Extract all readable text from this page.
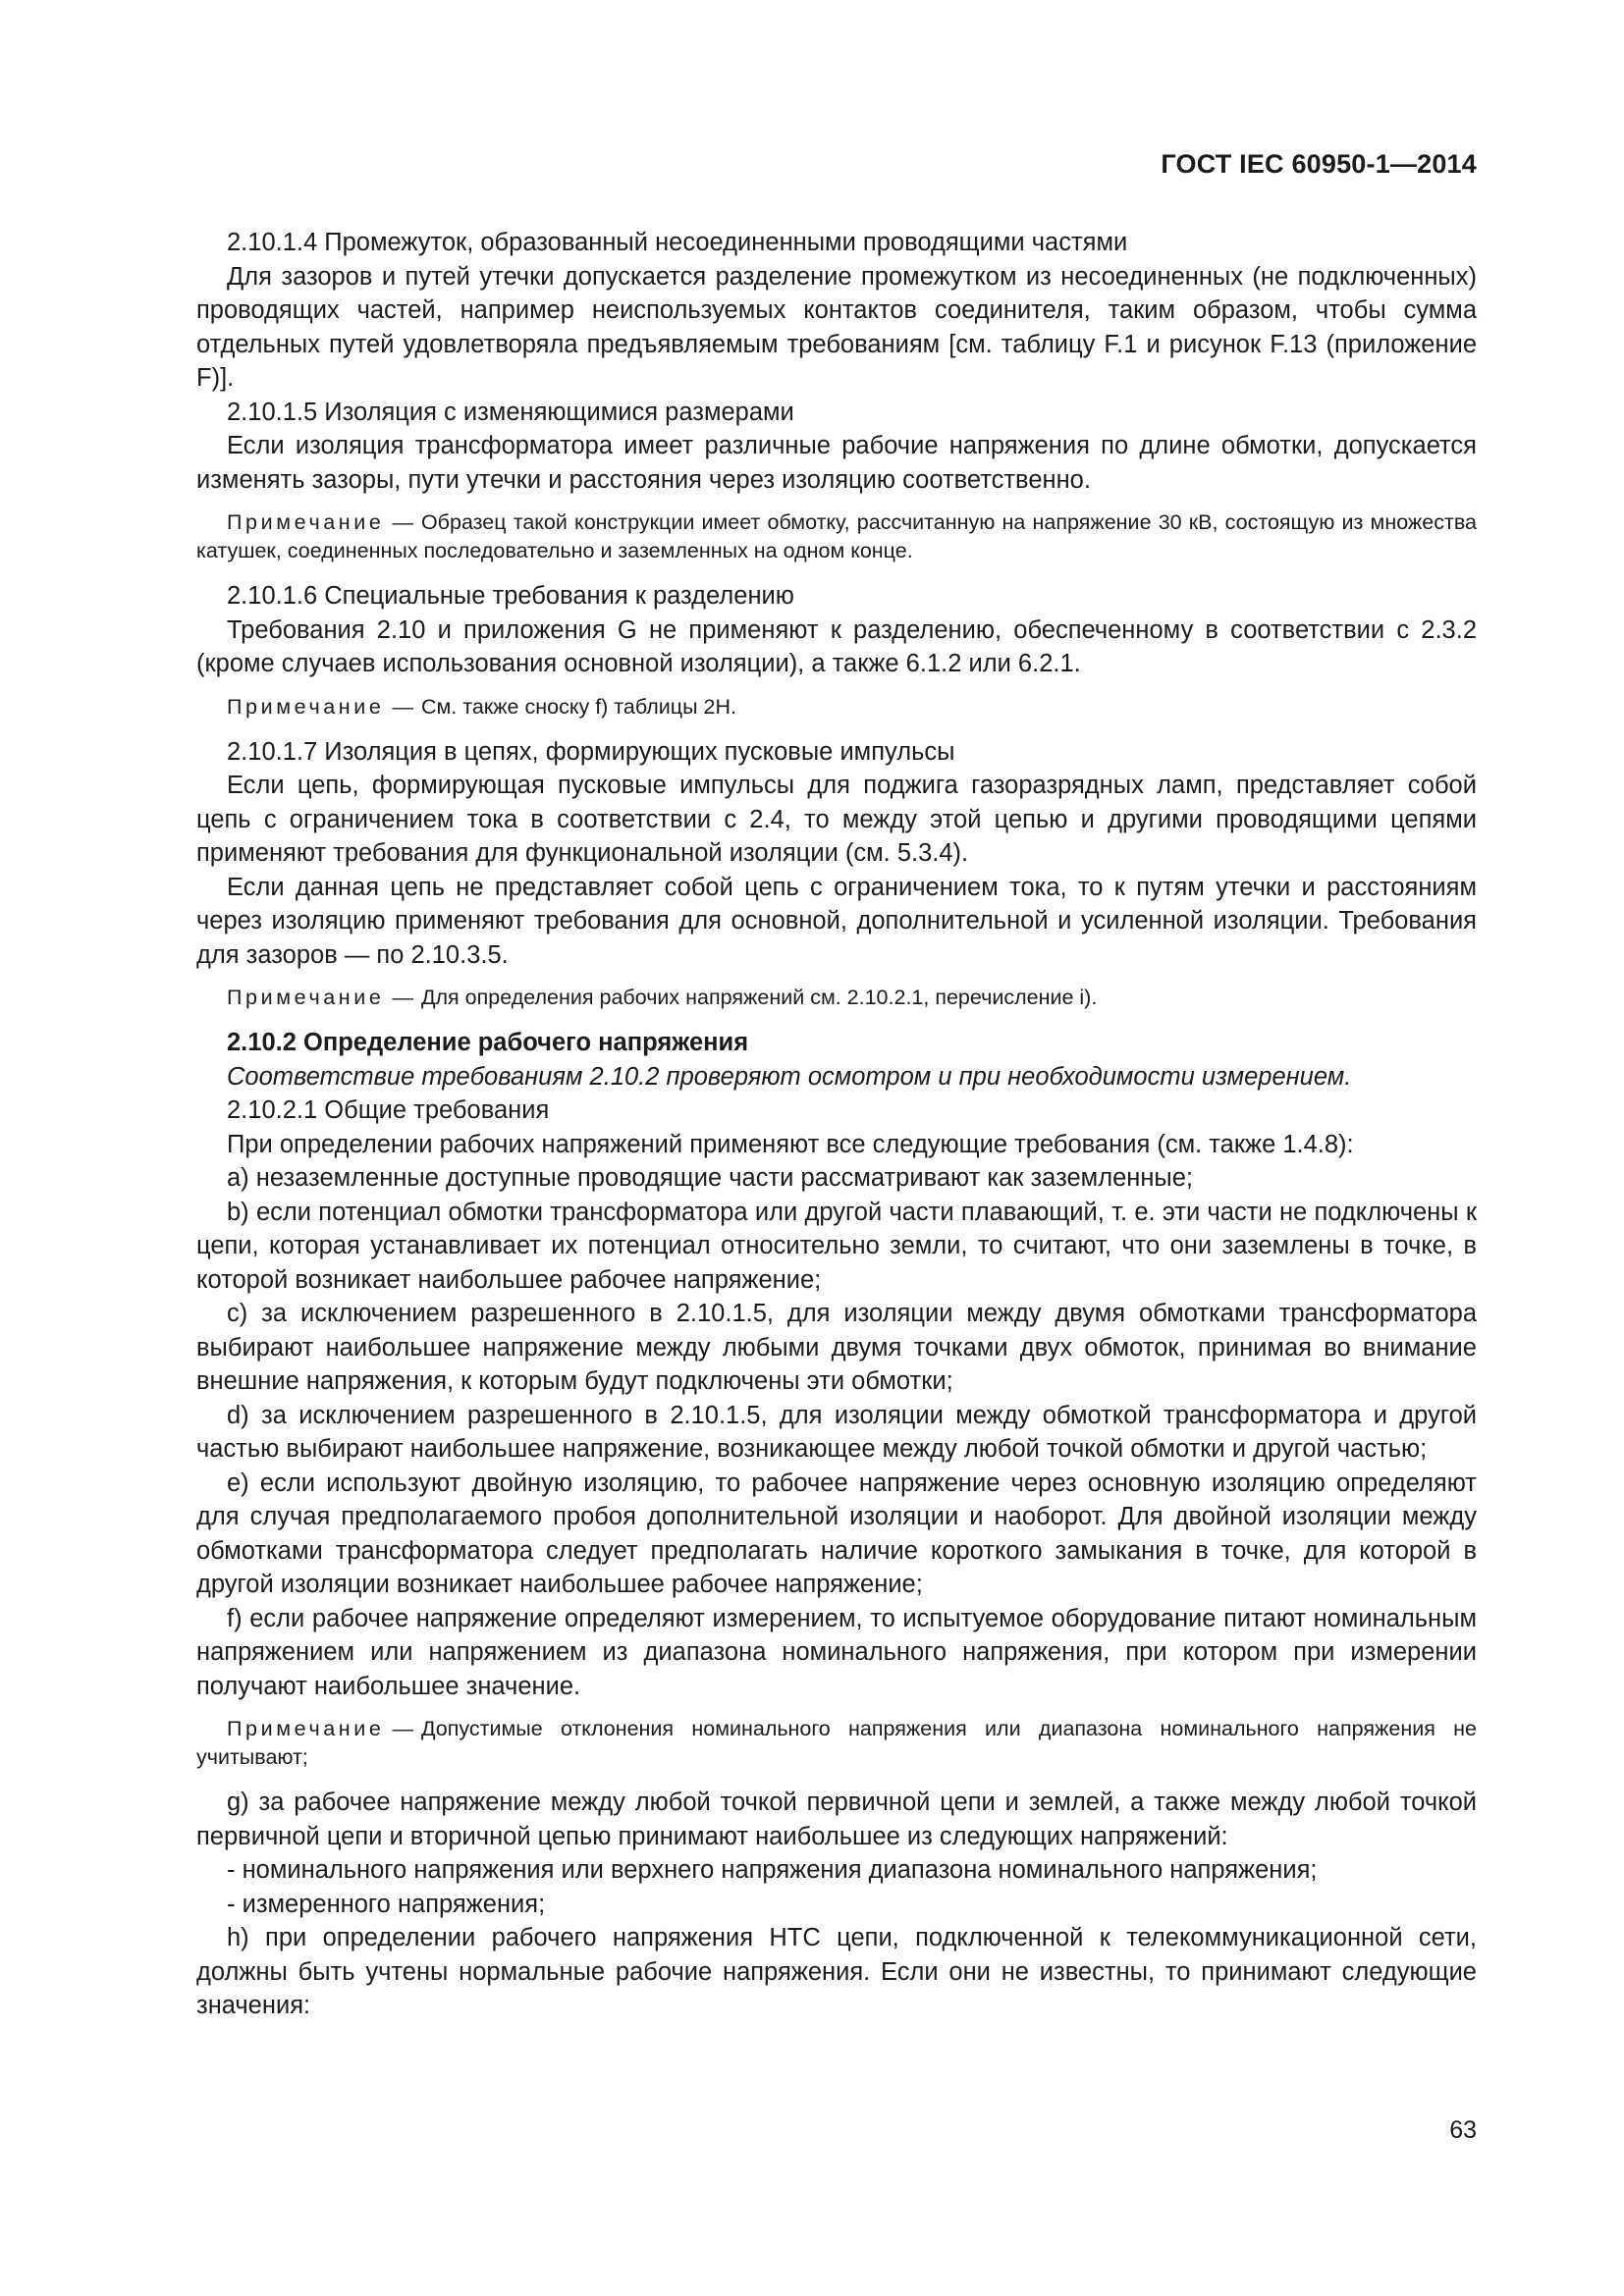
ГОСТ IEC 60950-1—2014

2.10.1.4 Промежуток, образованный несоединенными проводящими частями

Для зазоров и путей утечки допускается разделение промежутком из несоединенных (не подключенных) проводящих частей, например неиспользуемых контактов соединителя, таким образом, чтобы сумма отдельных путей удовлетворяла предъявляемым требованиям [см. таблицу F.1 и рисунок F.13 (приложение F)].

2.10.1.5 Изоляция с изменяющимися размерами

Если изоляция трансформатора имеет различные рабочие напряжения по длине обмотки, допускается изменять зазоры, пути утечки и расстояния через изоляцию соответственно.

Примечание — Образец такой конструкции имеет обмотку, рассчитанную на напряжение 30 кВ, состоящую из множества катушек, соединенных последовательно и заземленных на одном конце.

2.10.1.6 Специальные требования к разделению

Требования 2.10 и приложения G не применяют к разделению, обеспеченному в соответствии с 2.3.2 (кроме случаев использования основной изоляции), а также 6.1.2 или 6.2.1.

Примечание — См. также сноску f) таблицы 2H.

2.10.1.7 Изоляция в цепях, формирующих пусковые импульсы

Если цепь, формирующая пусковые импульсы для поджига газоразрядных ламп, представляет собой цепь с ограничением тока в соответствии с 2.4, то между этой цепью и другими проводящими цепями применяют требования для функциональной изоляции (см. 5.3.4).

Если данная цепь не представляет собой цепь с ограничением тока, то к путям утечки и расстояниям через изоляцию применяют требования для основной, дополнительной и усиленной изоляции. Требования для зазоров — по 2.10.3.5.

Примечание — Для определения рабочих напряжений см. 2.10.2.1, перечисление i).

2.10.2 Определение рабочего напряжения

Соответствие требованиям 2.10.2 проверяют осмотром и при необходимости измерением.

2.10.2.1 Общие требования

При определении рабочих напряжений применяют все следующие требования (см. также 1.4.8):

a) незаземленные доступные проводящие части рассматривают как заземленные;

b) если потенциал обмотки трансформатора или другой части плавающий, т. е. эти части не подключены к цепи, которая устанавливает их потенциал относительно земли, то считают, что они заземлены в точке, в которой возникает наибольшее рабочее напряжение;

c) за исключением разрешенного в 2.10.1.5, для изоляции между двумя обмотками трансформатора выбирают наибольшее напряжение между любыми двумя точками двух обмоток, принимая во внимание внешние напряжения, к которым будут подключены эти обмотки;

d) за исключением разрешенного в 2.10.1.5, для изоляции между обмоткой трансформатора и другой частью выбирают наибольшее напряжение, возникающее между любой точкой обмотки и другой частью;

e) если используют двойную изоляцию, то рабочее напряжение через основную изоляцию определяют для случая предполагаемого пробоя дополнительной изоляции и наоборот. Для двойной изоляции между обмотками трансформатора следует предполагать наличие короткого замыкания в точке, для которой в другой изоляции возникает наибольшее рабочее напряжение;

f) если рабочее напряжение определяют измерением, то испытуемое оборудование питают номинальным напряжением или напряжением из диапазона номинального напряжения, при котором при измерении получают наибольшее значение.

Примечание — Допустимые отклонения номинального напряжения или диапазона номинального напряжения не учитывают;

g) за рабочее напряжение между любой точкой первичной цепи и землей, а также между любой точкой первичной цепи и вторичной цепью принимают наибольшее из следующих напряжений:

- номинального напряжения или верхнего напряжения диапазона номинального напряжения;

- измеренного напряжения;

h) при определении рабочего напряжения НТС цепи, подключенной к телекоммуникационной сети, должны быть учтены нормальные рабочие напряжения. Если они не известны, то принимают следующие значения:

63
